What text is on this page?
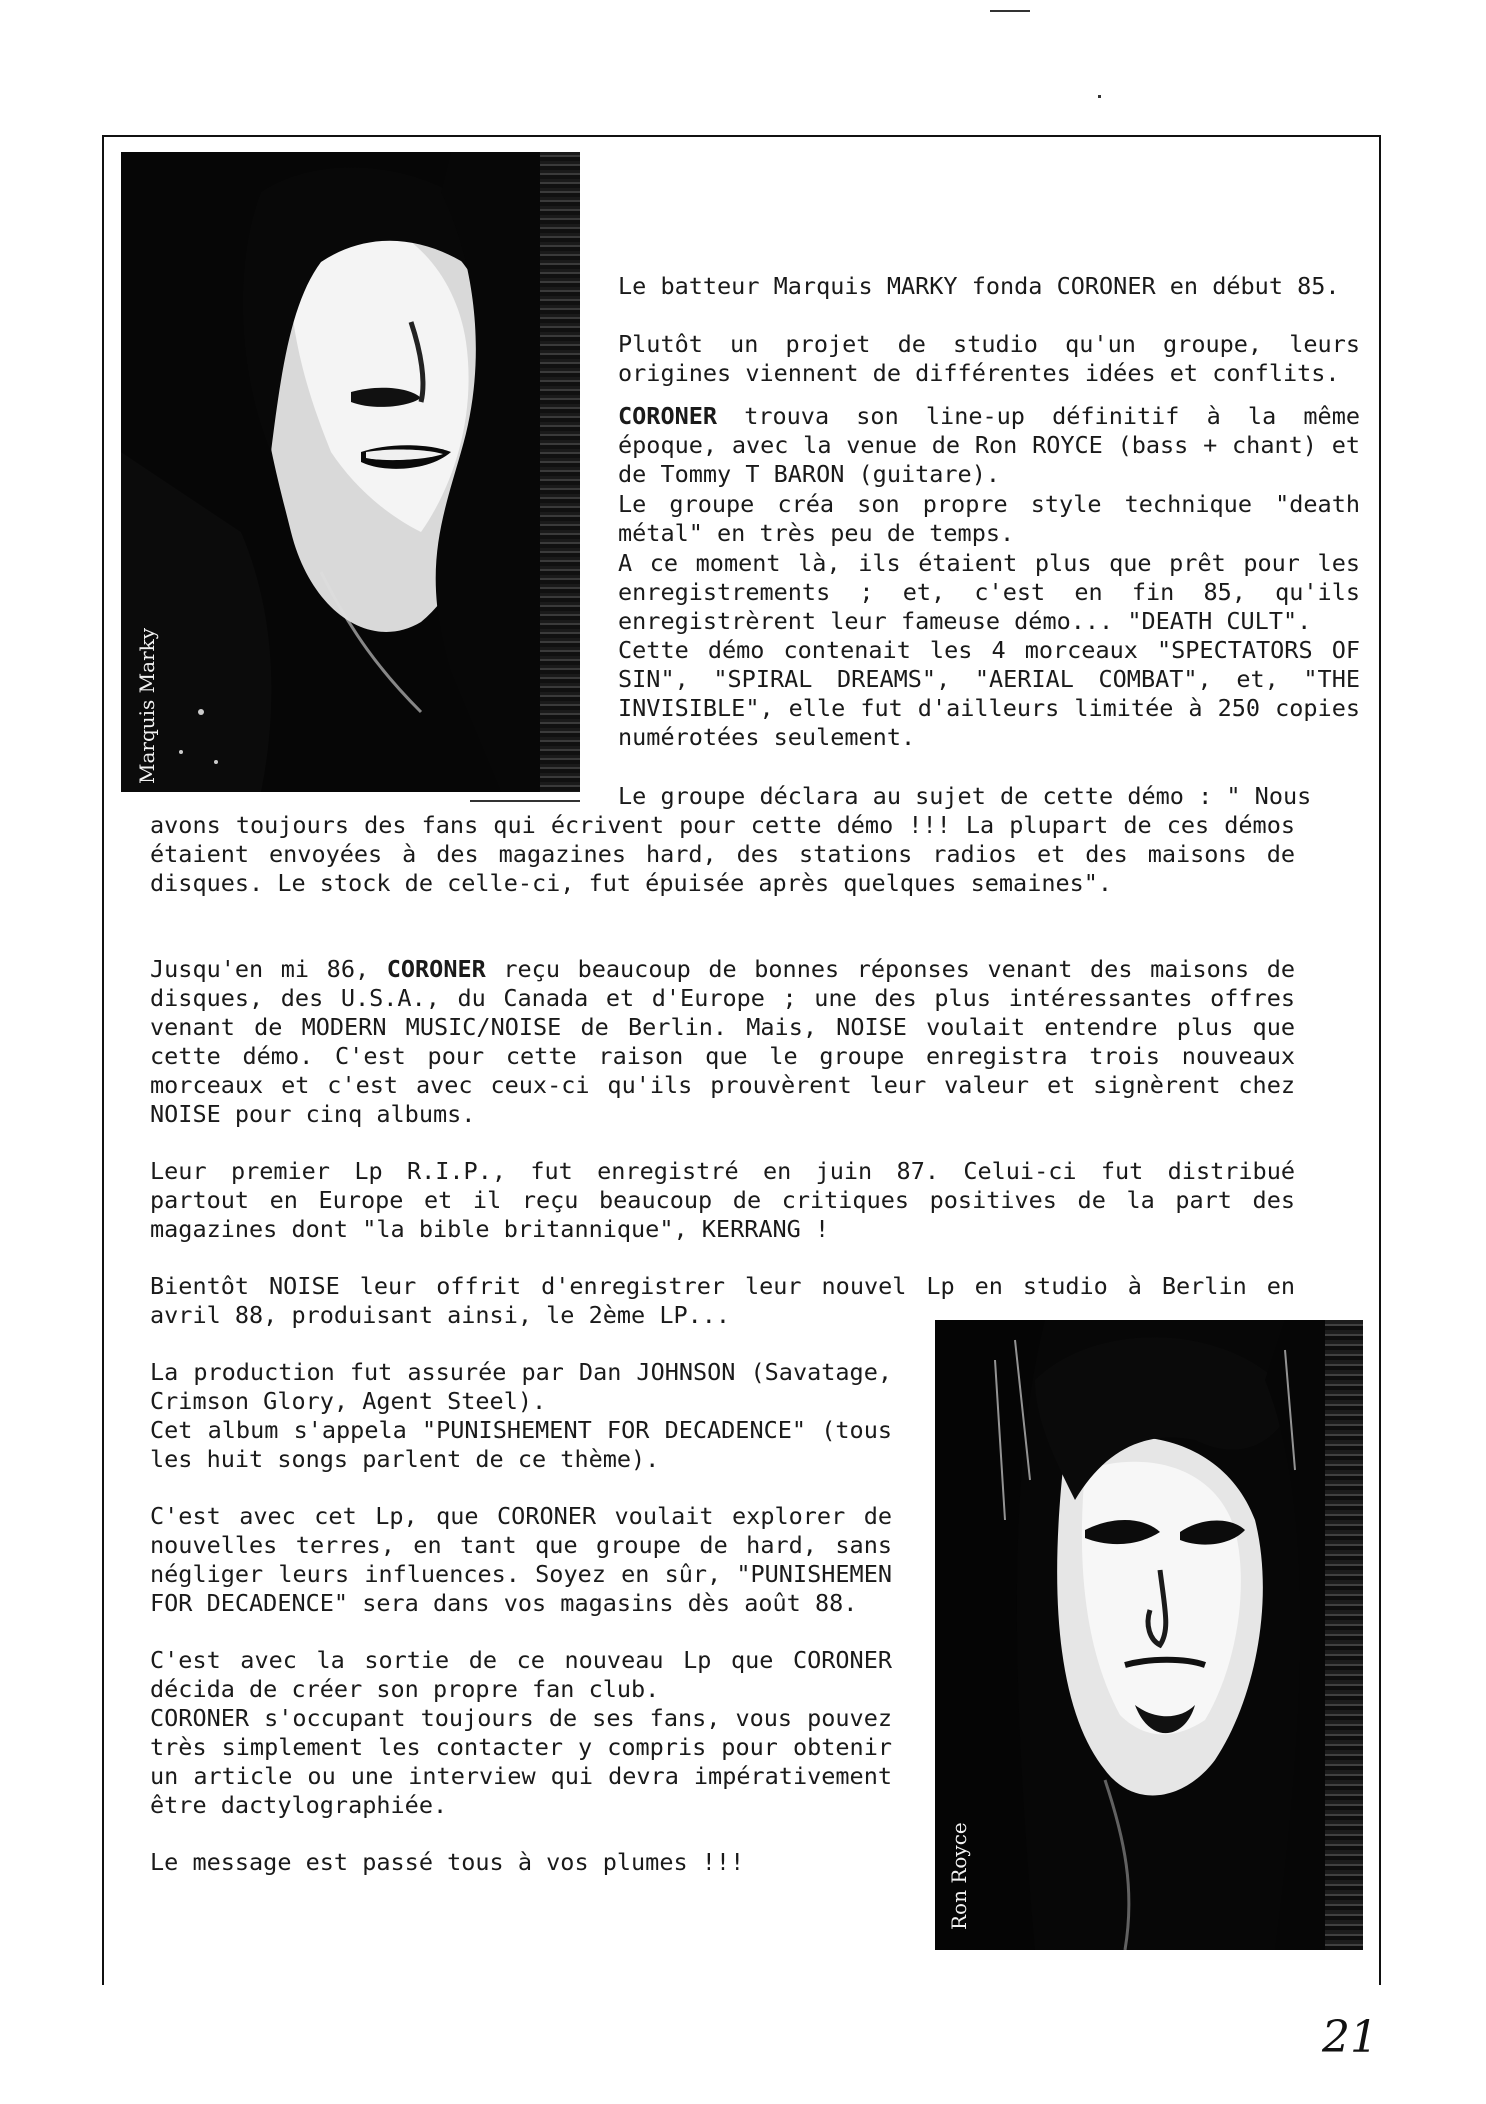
Marquis Marky

Le batteur Marquis MARKY fonda CORONER en début 85.

Plutôt un projet de studio qu'un groupe, leurs origines viennent de différentes idées et conflits.

CORONER trouva son line-up définitif à la même époque, avec la venue de Ron ROYCE (bass + chant) et de Tommy T BARON (guitare).

Le groupe créa son propre style technique "death métal" en très peu de temps.

A ce moment là, ils étaient plus que prêt pour les enregistrements ; et, c'est en fin 85, qu'ils enregistrèrent leur fameuse démo... "DEATH CULT".

Cette démo contenait les 4 morceaux "SPECTATORS OF SIN", "SPIRAL DREAMS", "AERIAL COMBAT", et, "THE INVISIBLE", elle fut d'ailleurs limitée à 250 copies numérotées seulement.

Le groupe déclara au sujet de cette démo : " Nous

avons toujours des fans qui écrivent pour cette démo !!! La plupart de ces démos étaient envoyées à des magazines hard, des stations radios et des maisons de disques. Le stock de celle-ci, fut épuisée après quelques semaines".

Jusqu'en mi 86, CORONER reçu beaucoup de bonnes réponses venant des maisons de disques, des U.S.A., du Canada et d'Europe ; une des plus intéressantes offres venant de MODERN MUSIC/NOISE de Berlin. Mais, NOISE voulait entendre plus que cette démo. C'est pour cette raison que le groupe enregistra trois nouveaux morceaux et c'est avec ceux-ci qu'ils prouvèrent leur valeur et signèrent chez NOISE pour cinq albums.

Leur premier Lp R.I.P., fut enregistré en juin 87. Celui-ci fut distribué partout en Europe et il reçu beaucoup de critiques positives de la part des magazines dont "la bible britannique", KERRANG !

Bientôt NOISE leur offrit d'enregistrer leur nouvel Lp en studio à Berlin en avril 88, produisant ainsi, le 2ème LP...

La production fut assurée par Dan JOHNSON (Savatage, Crimson Glory, Agent Steel).

Cet album s'appela "PUNISHEMENT FOR DECADENCE" (tous les huit songs parlent de ce thème).

C'est avec cet Lp, que CORONER voulait explorer de nouvelles terres, en tant que groupe de hard, sans négliger leurs influences. Soyez en sûr, "PUNISHEMEN FOR DECADENCE" sera dans vos magasins dès août 88.

C'est avec la sortie de ce nouveau Lp que CORONER décida de créer son propre fan club.

CORONER s'occupant toujours de ses fans, vous pouvez très simplement les contacter y compris pour obtenir un article ou une interview qui devra impérativement être dactylographiée.

Le message est passé tous à vos plumes !!!	Ron Royce
21
